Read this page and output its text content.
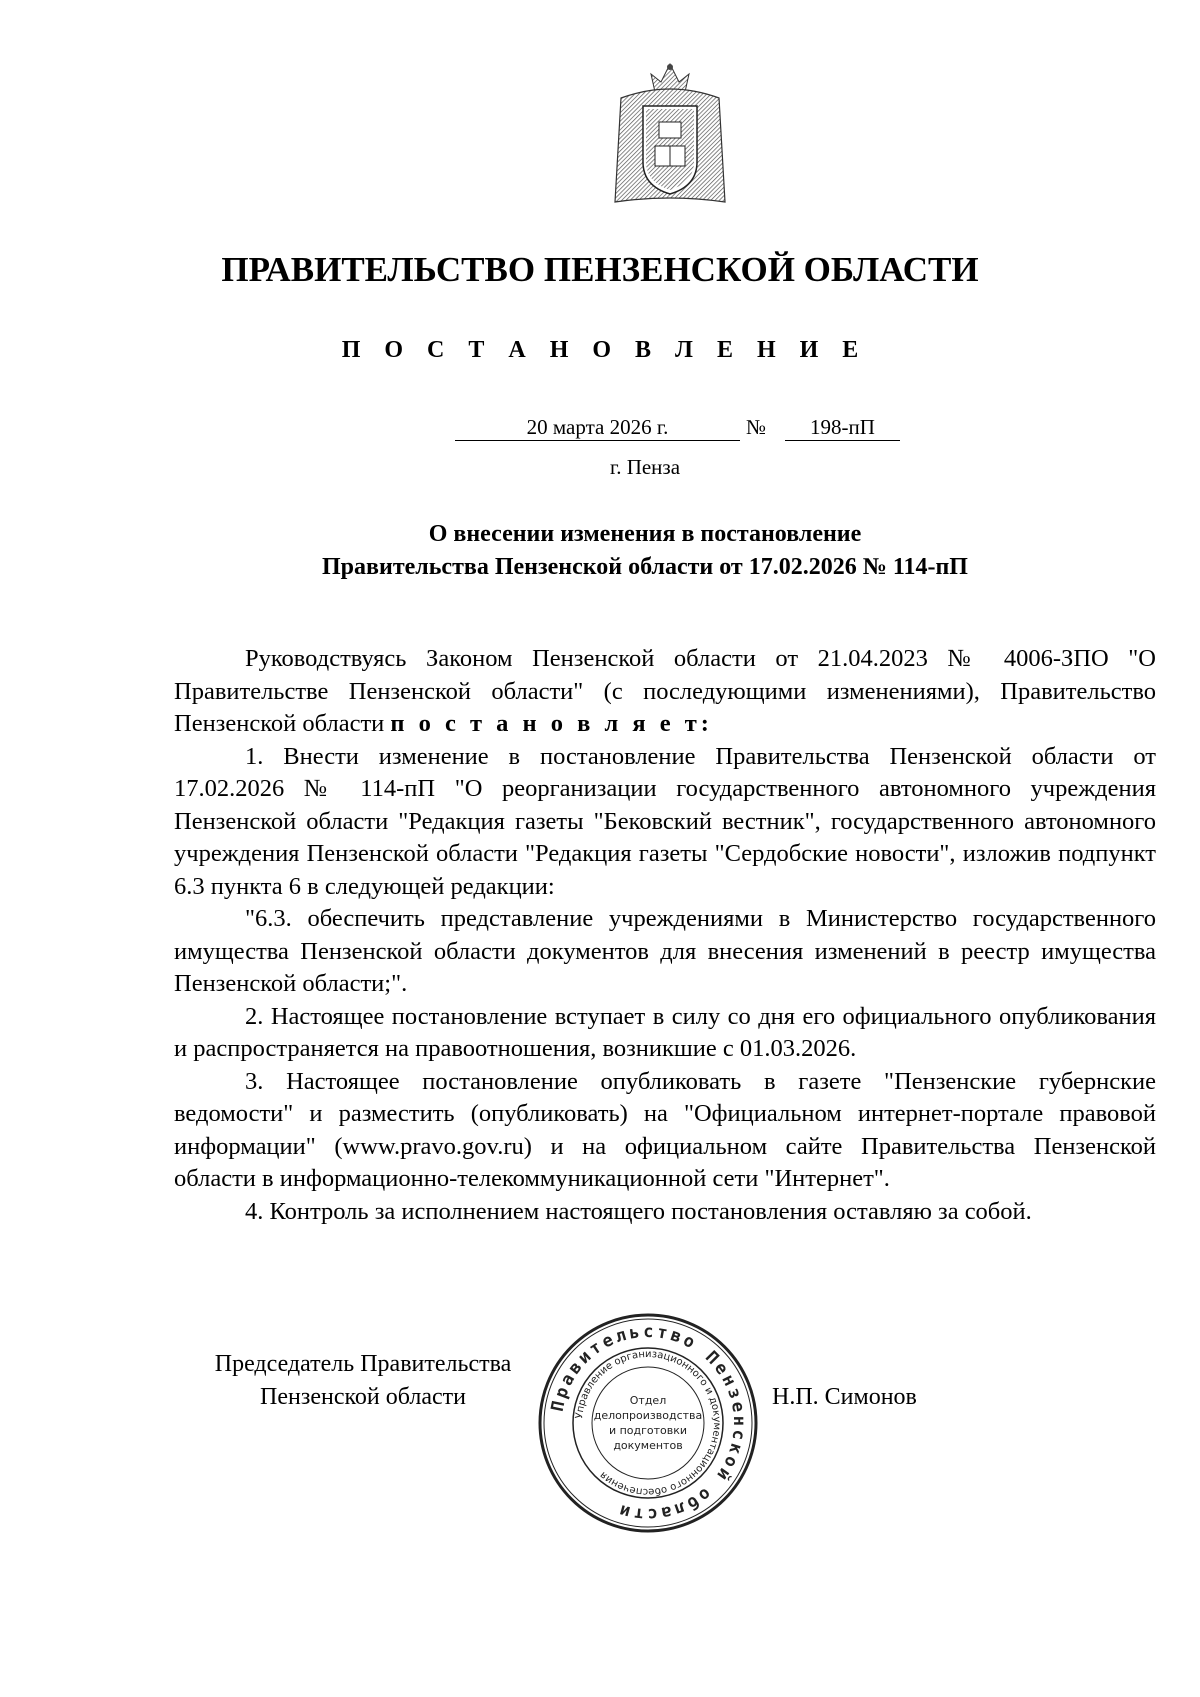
ПРАВИТЕЛЬСТВО ПЕНЗЕНСКОЙ ОБЛАСТИ
П О С Т А Н О В Л Е Н И Е
20 марта 2026 г.	№	198-пП
г. Пенза
О внесении изменения в постановление
Правительства Пензенской области от 17.02.2026 № 114-пП

Руководствуясь Законом Пензенской области от 21.04.2023 № 4006-ЗПО "О Правительстве Пензенской области" (с последующими изменениями), Правительство Пензенской области п о с т а н о в л я е т:

1. Внести изменение в постановление Правительства Пензенской области от 17.02.2026 № 114-пП "О реорганизации государственного автономного учреждения Пензенской области "Редакция газеты "Бековский вестник", государственного автономного учреждения Пензенской области "Редакция газеты "Сердобские новости", изложив подпункт 6.3 пункта 6 в следующей редакции:

"6.3. обеспечить представление учреждениями в Министерство государственного имущества Пензенской области документов для внесения изменений в реестр имущества Пензенской области;".

2. Настоящее постановление вступает в силу со дня его официального опубликования и распространяется на правоотношения, возникшие с 01.03.2026.

3. Настоящее постановление опубликовать в газете "Пензенские губернские ведомости" и разместить (опубликовать) на "Официальном интернет-портале правовой информации" (www.pravo.gov.ru) и на официальном сайте Правительства Пензенской области в информационно-телекоммуникационной сети "Интернет".

4. Контроль за исполнением настоящего постановления оставляю за собой.

Председатель Правительства
Пензенской области	Правительство Пензенской области
Управление организационного и документационного обеспечения
Отдел
делопроизводства
и подготовки
документов
Н.П. Симонов
